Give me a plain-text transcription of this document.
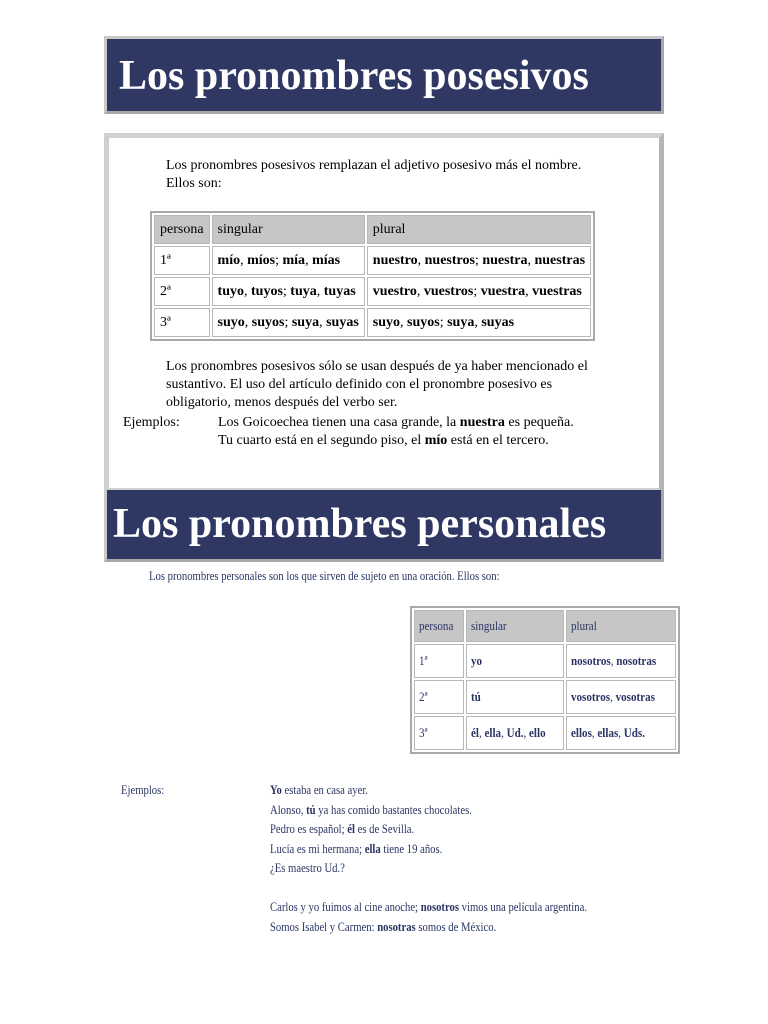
Los pronombres posesivos
Los pronombres posesivos remplazan el adjetivo posesivo más el nombre.
Ellos son:
persona	singular	plural
1ª	mío, míos; mía, mías	nuestro, nuestros; nuestra, nuestras
2ª	tuyo, tuyos; tuya, tuyas	vuestro, vuestros; vuestra, vuestras
3ª	suyo, suyos; suya, suyas	suyo, suyos; suya, suyas
Los pronombres posesivos sólo se usan después de ya haber mencionado el
sustantivo. El uso del artículo definido con el pronombre posesivo es
obligatorio, menos después del verbo ser.
Ejemplos:	Los Goicoechea tienen una casa grande, la nuestra es pequeña.
Tu cuarto está en el segundo piso, el mío está en el tercero.
Los pronombres personales
Los pronombres personales son los que sirven de sujeto en una oración. Ellos son:
persona	singular	plural
1ª	yo	nosotros, nosotras
2ª	tú	vosotros, vosotras
3ª	él, ella, Ud., ello	ellos, ellas, Uds.
Ejemplos:	Yo estaba en casa ayer.
Alonso, tú ya has comido bastantes chocolates.
Pedro es español; él es de Sevilla.
Lucía es mi hermana; ella tiene 19 años.
¿Es maestro Ud.?
Carlos y yo fuimos al cine anoche; nosotros vimos una película argentina.
Somos Isabel y Carmen: nosotras somos de México.
